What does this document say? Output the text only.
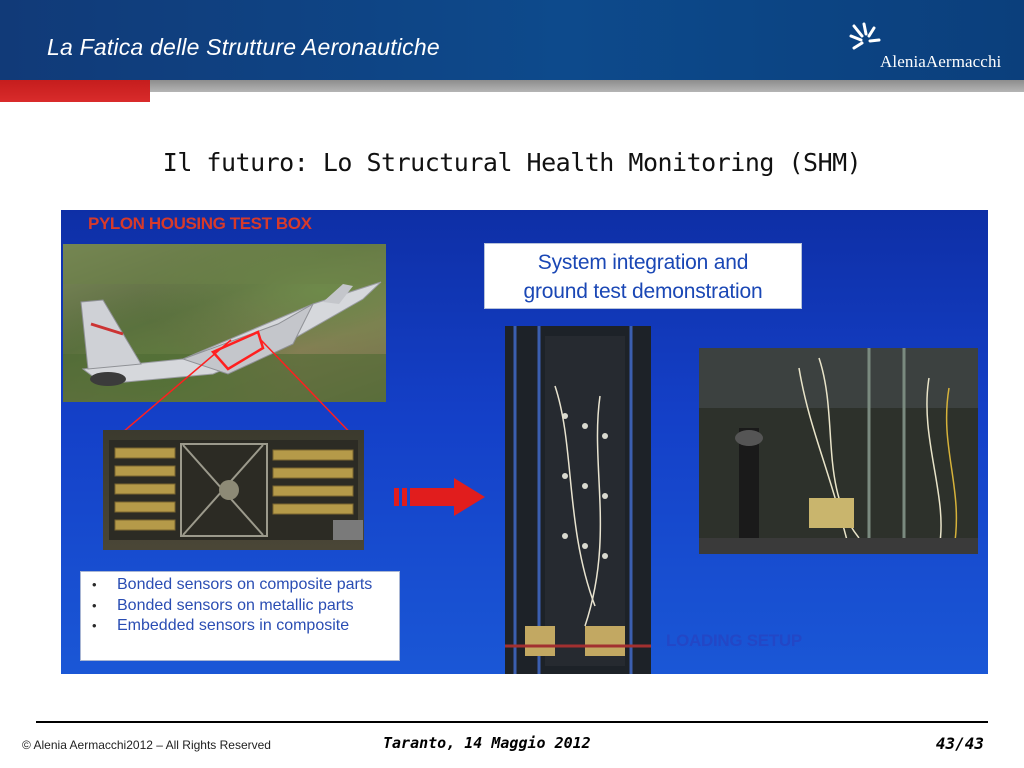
La Fatica delle Strutture Aeronautiche
AleniaAermacchi
Il futuro: Lo Structural Health Monitoring (SHM)
PYLON HOUSING TEST BOX
System integration and
ground test demonstration
LOADING SETUP
• Bonded sensors on composite parts
• Bonded sensors on metallic parts
• Embedded sensors in composite
© Alenia Aermacchi2012 – All Rights Reserved	Taranto, 14 Maggio 2012	43/43
